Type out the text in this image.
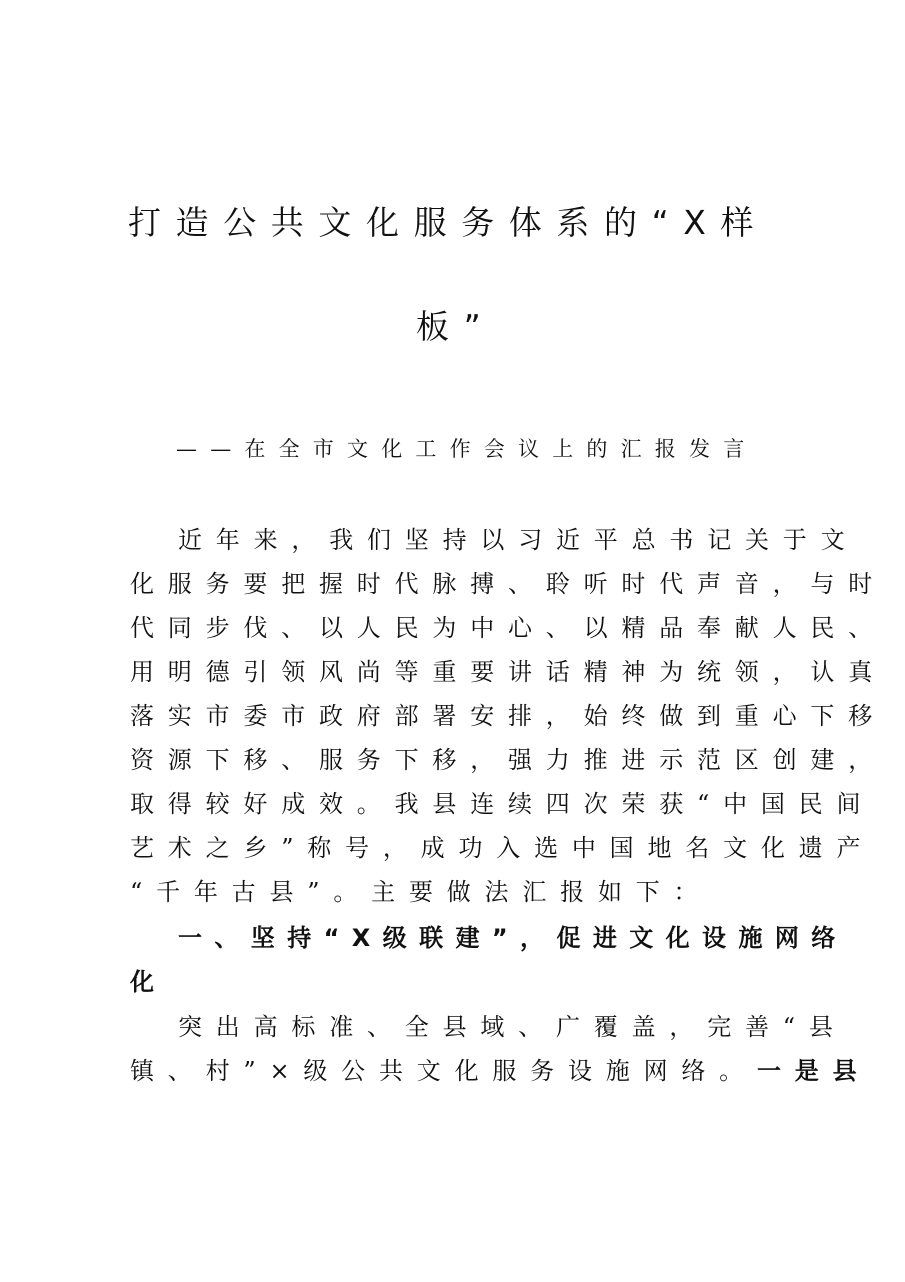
打造公共文化服务体系的“X样
板”
——在全市文化工作会议上的汇报发言
近年来，我们坚持以习近平总书记关于文
化服务要把握时代脉搏、聆听时代声音，与时
代同步伐、以人民为中心、以精品奉献人民、
用明德引领风尚等重要讲话精神为统领，认真
落实市委市政府部署安排，始终做到重心下移
资源下移、服务下移，强力推进示范区创建，
取得较好成效。我县连续四次荣获“中国民间
艺术之乡”称号，成功入选中国地名文化遗产
“千年古县”。主要做法汇报如下：
一、坚持“X级联建”，促进文化设施网络
化
突出高标准、全县域、广覆盖，完善“县
镇、村”×级公共文化服务设施网络。一是县
